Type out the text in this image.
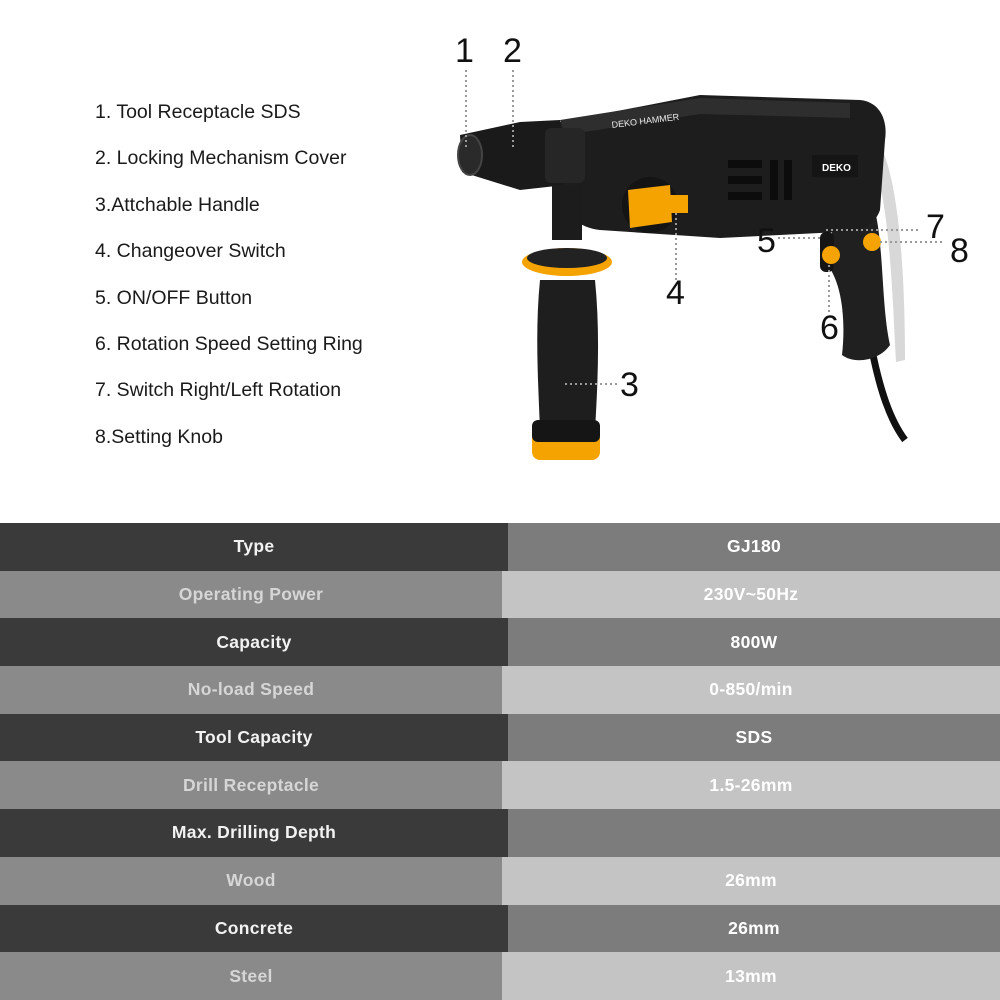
1. Tool Receptacle SDS
2. Locking Mechanism Cover
3.Attchable Handle
4. Changeover Switch
5. ON/OFF Button
6. Rotation Speed Setting Ring
7. Switch Right/Left Rotation
8.Setting Knob
DEKO
DEKO HAMMER
1 2
3
4
5
6
7
8
Type	GJ180
Operating Power	230V~50Hz
Capacity	800W
No-load Speed	0-850/min
Tool Capacity	SDS
Drill Receptacle	1.5-26mm
Max. Drilling Depth
Wood	26mm
Concrete	26mm
Steel	13mm
